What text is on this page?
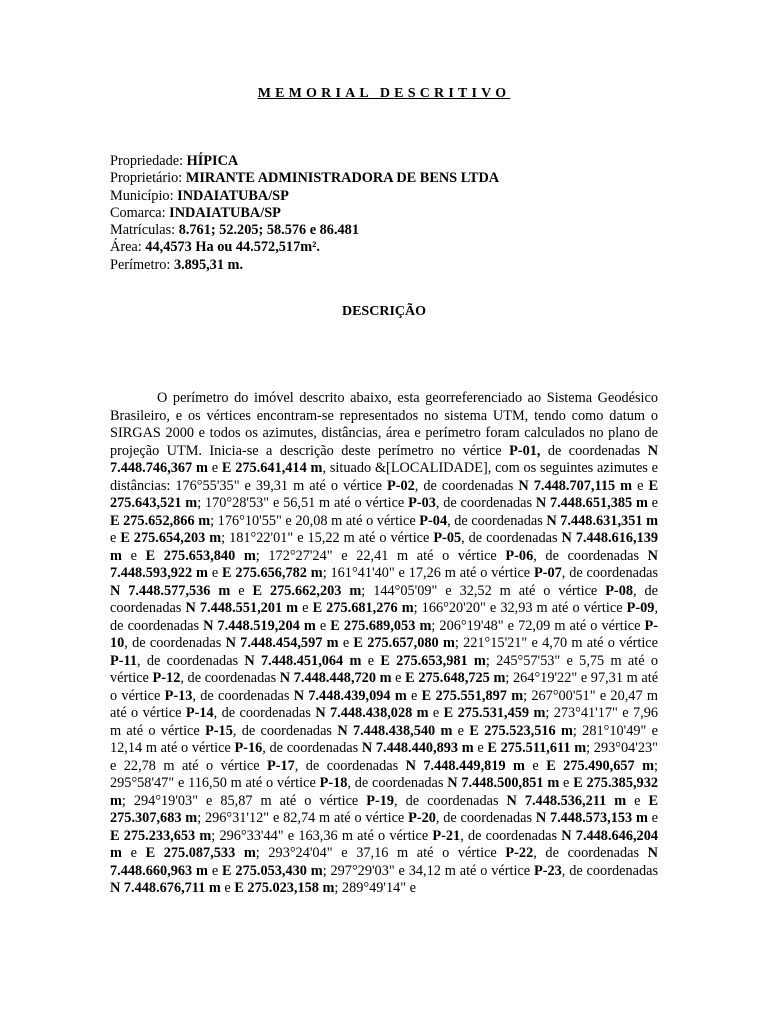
MEMORIAL DESCRITIVO
Propriedade: HÍPICA
Proprietário: MIRANTE ADMINISTRADORA DE BENS LTDA
Município: INDAIATUBA/SP
Comarca: INDAIATUBA/SP
Matrículas: 8.761; 52.205; 58.576 e 86.481
Área: 44,4573 Ha ou 44.572,517m².
Perímetro: 3.895,31 m.
DESCRIÇÃO

O perímetro do imóvel descrito abaixo, esta georreferenciado ao Sistema Geodésico Brasileiro, e os vértices encontram-se representados no sistema UTM, tendo como datum o SIRGAS 2000 e todos os azimutes, distâncias, área e perímetro foram calculados no plano de projeção UTM. Inicia-se a descrição deste perímetro no vértice P-01, de coordenadas N 7.448.746,367 m e E 275.641,414 m, situado &[LOCALIDADE], com os seguintes azimutes e distâncias: 176°55'35" e 39,31 m até o vértice P-02, de coordenadas N 7.448.707,115 m e E 275.643,521 m; 170°28'53" e 56,51 m até o vértice P-03, de coordenadas N 7.448.651,385 m e E 275.652,866 m; 176°10'55" e 20,08 m até o vértice P-04, de coordenadas N 7.448.631,351 m e E 275.654,203 m; 181°22'01" e 15,22 m até o vértice P-05, de coordenadas N 7.448.616,139 m e E 275.653,840 m; 172°27'24" e 22,41 m até o vértice P-06, de coordenadas N 7.448.593,922 m e E 275.656,782 m; 161°41'40" e 17,26 m até o vértice P-07, de coordenadas N 7.448.577,536 m e E 275.662,203 m; 144°05'09" e 32,52 m até o vértice P-08, de coordenadas N 7.448.551,201 m e E 275.681,276 m; 166°20'20" e 32,93 m até o vértice P-09, de coordenadas N 7.448.519,204 m e E 275.689,053 m; 206°19'48" e 72,09 m até o vértice P-10, de coordenadas N 7.448.454,597 m e E 275.657,080 m; 221°15'21" e 4,70 m até o vértice P-11, de coordenadas N 7.448.451,064 m e E 275.653,981 m; 245°57'53" e 5,75 m até o vértice P-12, de coordenadas N 7.448.448,720 m e E 275.648,725 m; 264°19'22" e 97,31 m até o vértice P-13, de coordenadas N 7.448.439,094 m e E 275.551,897 m; 267°00'51" e 20,47 m até o vértice P-14, de coordenadas N 7.448.438,028 m e E 275.531,459 m; 273°41'17" e 7,96 m até o vértice P-15, de coordenadas N 7.448.438,540 m e E 275.523,516 m; 281°10'49" e 12,14 m até o vértice P-16, de coordenadas N 7.448.440,893 m e E 275.511,611 m; 293°04'23" e 22,78 m até o vértice P-17, de coordenadas N 7.448.449,819 m e E 275.490,657 m; 295°58'47" e 116,50 m até o vértice P-18, de coordenadas N 7.448.500,851 m e E 275.385,932 m; 294°19'03" e 85,87 m até o vértice P-19, de coordenadas N 7.448.536,211 m e E 275.307,683 m; 296°31'12" e 82,74 m até o vértice P-20, de coordenadas N 7.448.573,153 m e E 275.233,653 m; 296°33'44" e 163,36 m até o vértice P-21, de coordenadas N 7.448.646,204 m e E 275.087,533 m; 293°24'04" e 37,16 m até o vértice P-22, de coordenadas N 7.448.660,963 m e E 275.053,430 m; 297°29'03" e 34,12 m até o vértice P-23, de coordenadas N 7.448.676,711 m e E 275.023,158 m; 289°49'14" e
